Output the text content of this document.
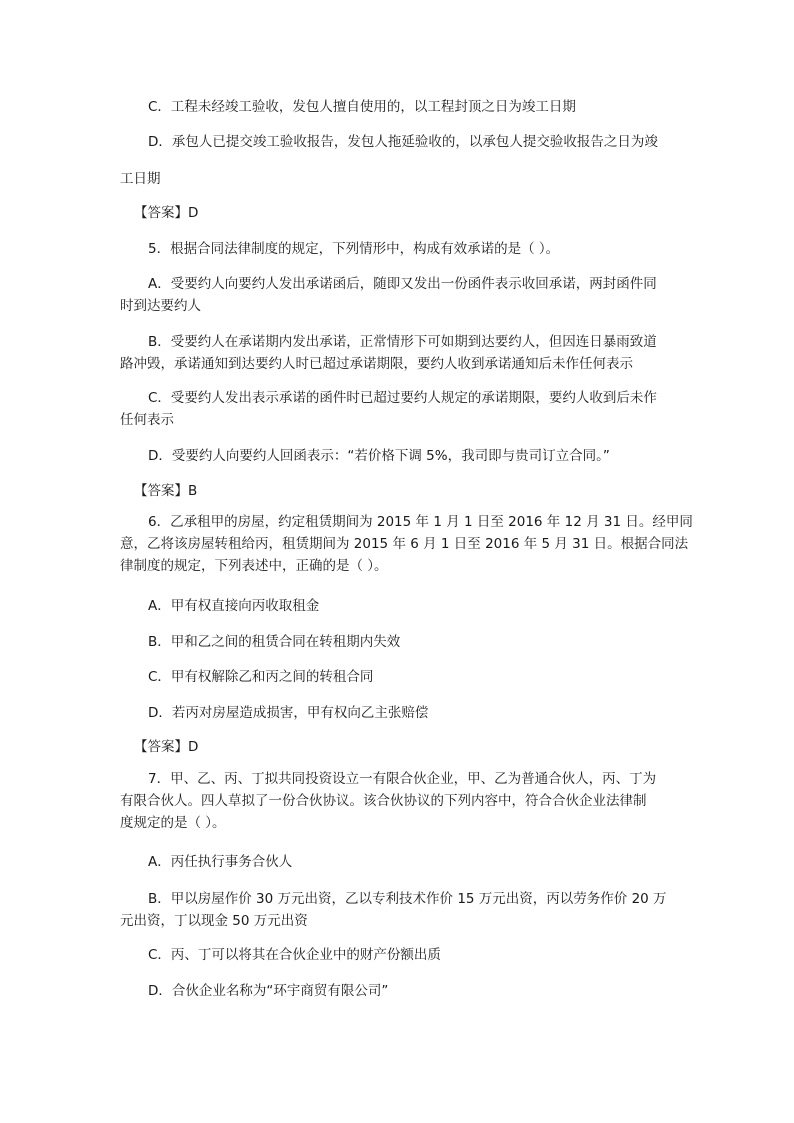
C．工程未经竣工验收，发包人擅自使用的，以工程封顶之日为竣工日期
D．承包人已提交竣工验收报告，发包人拖延验收的，以承包人提交验收报告之日为竣
工日期
【答案】D
5．根据合同法律制度的规定，下列情形中，构成有效承诺的是（ ）。
A．受要约人向要约人发出承诺函后，随即又发出一份函件表示收回承诺，两封函件同
时到达要约人
B．受要约人在承诺期内发出承诺，正常情形下可如期到达要约人，但因连日暴雨致道
路冲毁，承诺通知到达要约人时已超过承诺期限，要约人收到承诺通知后未作任何表示
C．受要约人发出表示承诺的函件时已超过要约人规定的承诺期限，要约人收到后未作
任何表示
D．受要约人向要约人回函表示：“若价格下调 5%，我司即与贵司订立合同。”
【答案】B
6．乙承租甲的房屋，约定租赁期间为 2015 年 1 月 1 日至 2016 年 12 月 31 日。经甲同
意，乙将该房屋转租给丙，租赁期间为 2015 年 6 月 1 日至 2016 年 5 月 31 日。根据合同法
律制度的规定，下列表述中，正确的是（ ）。
A．甲有权直接向丙收取租金
B．甲和乙之间的租赁合同在转租期内失效
C．甲有权解除乙和丙之间的转租合同
D．若丙对房屋造成损害，甲有权向乙主张赔偿
【答案】D
7．甲、乙、丙、丁拟共同投资设立一有限合伙企业，甲、乙为普通合伙人，丙、丁为
有限合伙人。四人草拟了一份合伙协议。该合伙协议的下列内容中，符合合伙企业法律制
度规定的是（ ）。
A．丙任执行事务合伙人
B．甲以房屋作价 30 万元出资，乙以专利技术作价 15 万元出资，丙以劳务作价 20 万
元出资，丁以现金 50 万元出资
C．丙、丁可以将其在合伙企业中的财产份额出质
D．合伙企业名称为“环宇商贸有限公司”
